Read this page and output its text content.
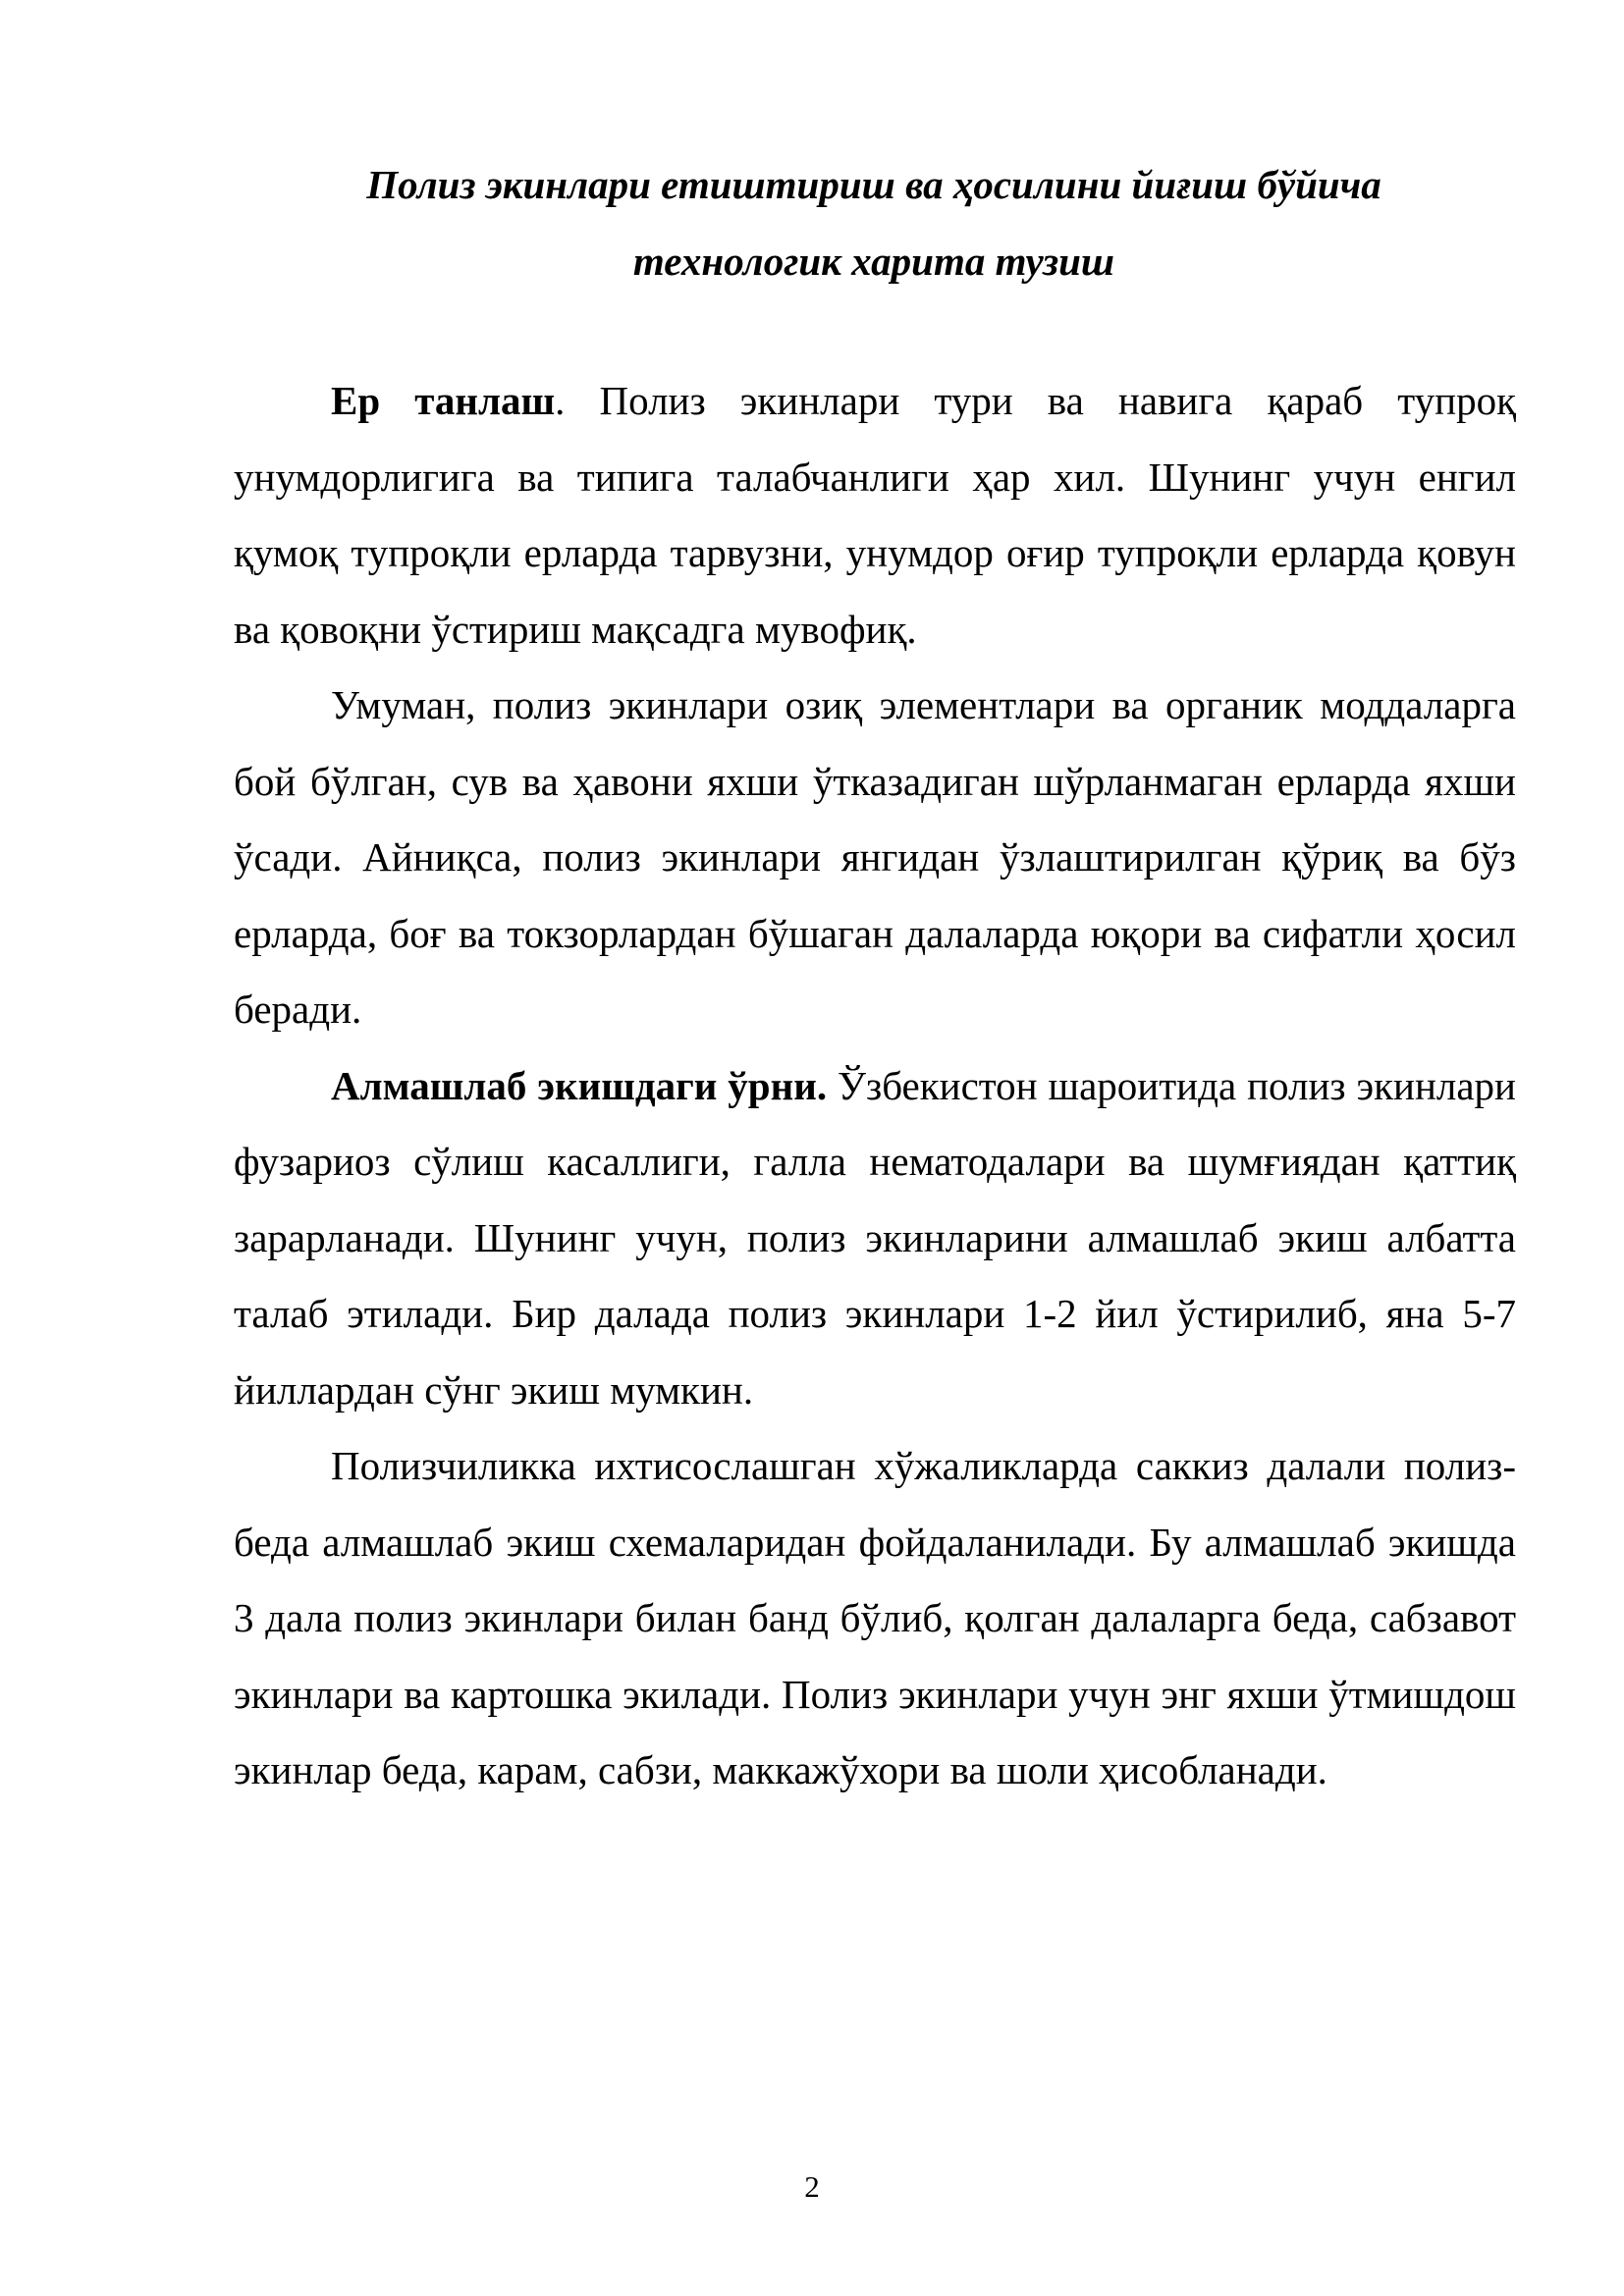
Полиз экинлари етиштириш ва ҳосилини йиғиш бўйича
технологик харита тузиш

Ер танлаш. Полиз экинлари тури ва навига қараб тупроқ унумдорлигига ва типига талабчанлиги ҳар хил. Шунинг учун енгил қумоқ тупроқли ерларда тарвузни, унумдор оғир тупроқли ерларда қовун ва қовоқни ўстириш мақсадга мувофиқ.

Умуман, полиз экинлари озиқ элементлари ва органик моддаларга бой бўлган, сув ва ҳавони яхши ўтказадиган шўрланмаган ерларда яхши ўсади. Айниқса, полиз экинлари янгидан ўзлаштирилган қўриқ ва бўз ерларда, боғ ва токзорлардан бўшаган далаларда юқори ва сифатли ҳосил беради.

Алмашлаб экишдаги ўрни. Ўзбекистон шароитида полиз экинлари фузариоз сўлиш касаллиги, галла нематодалари ва шумғиядан қаттиқ зарарланади. Шунинг учун, полиз экинларини алмашлаб экиш албатта талаб этилади. Бир далада полиз экинлари 1-2 йил ўстирилиб, яна 5-7 йиллардан сўнг экиш мумкин.

Полизчиликка ихтисослашган хўжаликларда саккиз далали полиз-беда алмашлаб экиш схемаларидан фойдаланилади. Бу алмашлаб экишда 3 дала полиз экинлари билан банд бўлиб, қолган далаларга беда, сабзавот экинлари ва картошка экилади. Полиз экинлари учун энг яхши ўтмишдош экинлар беда, карам, сабзи, маккажўхори ва шоли ҳисобланади.

2
